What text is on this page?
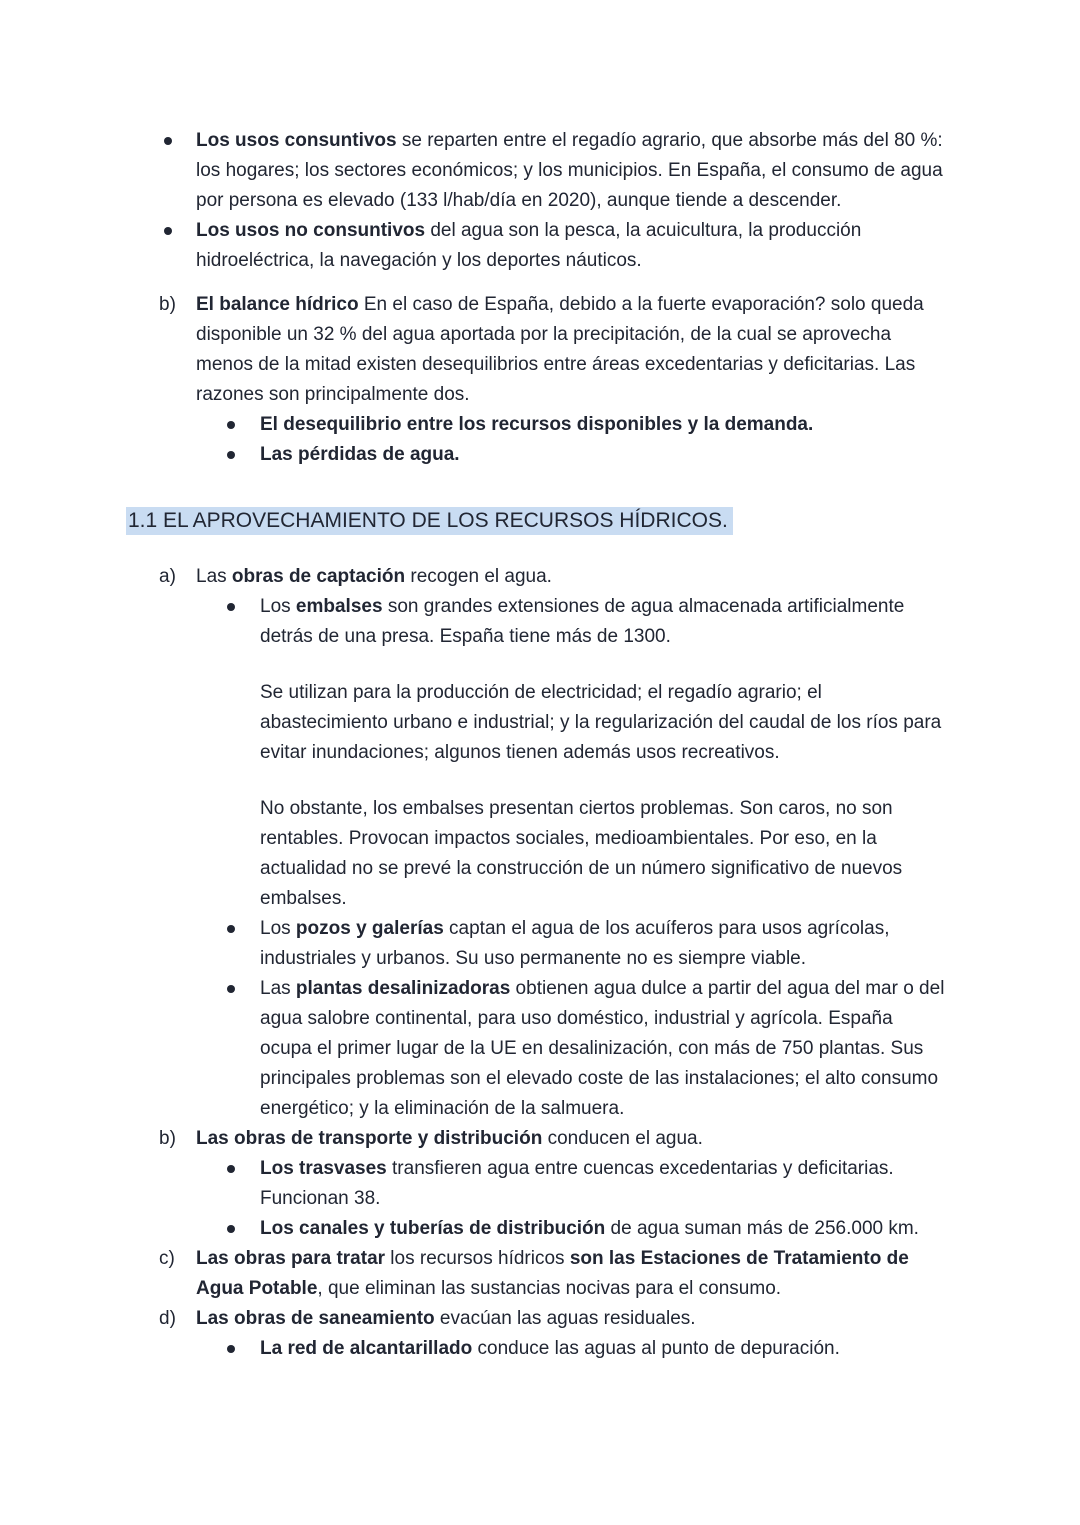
Los usos consuntivos se reparten entre el regadío agrario, que absorbe más del 80 %: los hogares; los sectores económicos; y los municipios. En España, el consumo de agua por persona es elevado (133 l/hab/día en 2020), aunque tiende a descender.
Los usos no consuntivos del agua son la pesca, la acuicultura, la producción hidroeléctrica, la navegación y los deportes náuticos.
b) El balance hídrico En el caso de España, debido a la fuerte evaporación? solo queda disponible un 32 % del agua aportada por la precipitación, de la cual se aprovecha menos de la mitad existen desequilibrios entre áreas excedentarias y deficitarias. Las razones son principalmente dos.
El desequilibrio entre los recursos disponibles y la demanda.
Las pérdidas de agua.
1.1 EL APROVECHAMIENTO DE LOS RECURSOS HÍDRICOS.
a) Las obras de captación recogen el agua.
Los embalses son grandes extensiones de agua almacenada artificialmente detrás de una presa. España tiene más de 1300.
Se utilizan para la producción de electricidad; el regadío agrario; el abastecimiento urbano e industrial; y la regularización del caudal de los ríos para evitar inundaciones; algunos tienen además usos recreativos.
No obstante, los embalses presentan ciertos problemas. Son caros, no son rentables. Provocan impactos sociales, medioambientales. Por eso, en la actualidad no se prevé la construcción de un número significativo de nuevos embalses.
Los pozos y galerías captan el agua de los acuíferos para usos agrícolas, industriales y urbanos. Su uso permanente no es siempre viable.
Las plantas desalinizadoras obtienen agua dulce a partir del agua del mar o del agua salobre continental, para uso doméstico, industrial y agrícola. España ocupa el primer lugar de la UE en desalinización, con más de 750 plantas. Sus principales problemas son el elevado coste de las instalaciones; el alto consumo energético; y la eliminación de la salmuera.
b) Las obras de transporte y distribución conducen el agua.
Los trasvases transfieren agua entre cuencas excedentarias y deficitarias. Funcionan 38.
Los canales y tuberías de distribución de agua suman más de 256.000 km.
c) Las obras para tratar los recursos hídricos son las Estaciones de Tratamiento de Agua Potable, que eliminan las sustancias nocivas para el consumo.
d) Las obras de saneamiento evacúan las aguas residuales.
La red de alcantarillado conduce las aguas al punto de depuración.
